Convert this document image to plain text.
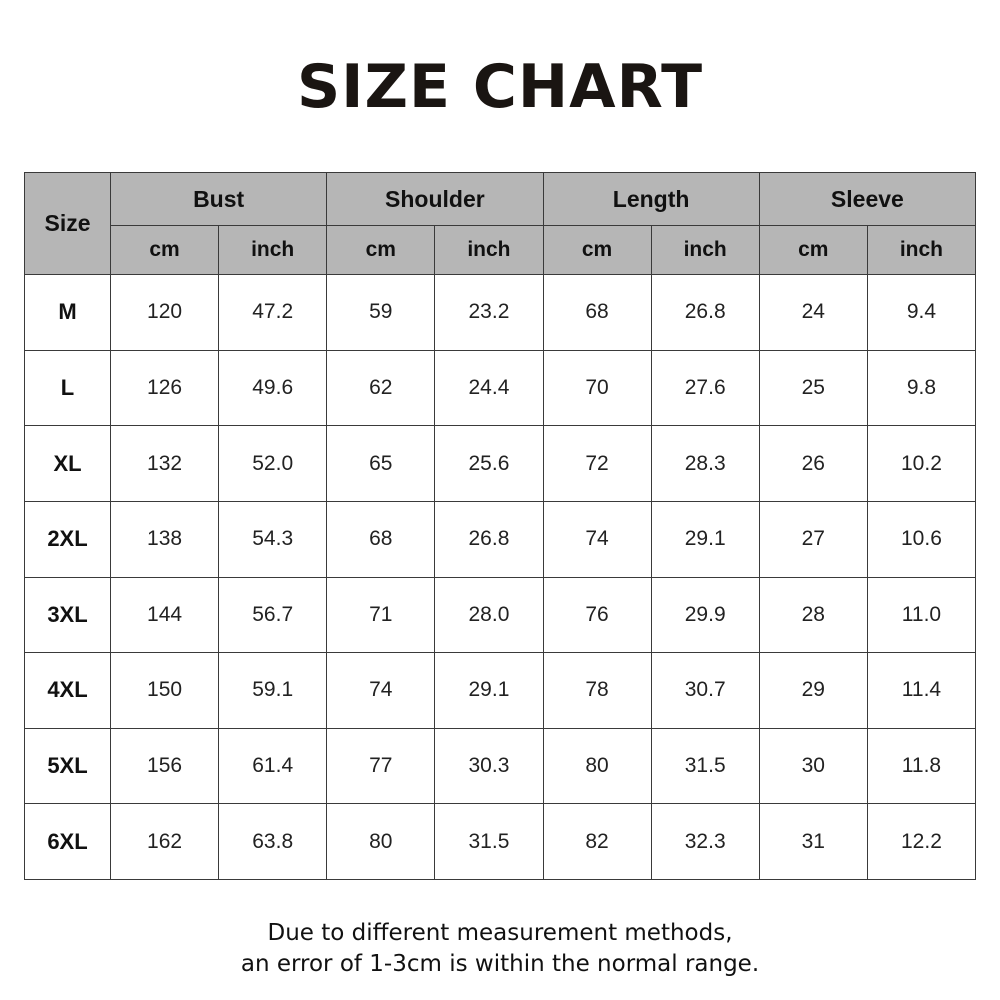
SIZE CHART
Size	Bust		Shoulder		Length		Sleeve	
	cm	inch	cm	inch	cm	inch	cm	inch
M	120	47.2	59	23.2	68	26.8	24	9.4
L	126	49.6	62	24.4	70	27.6	25	9.8
XL	132	52.0	65	25.6	72	28.3	26	10.2
2XL	138	54.3	68	26.8	74	29.1	27	10.6
3XL	144	56.7	71	28.0	76	29.9	28	11.0
4XL	150	59.1	74	29.1	78	30.7	29	11.4
5XL	156	61.4	77	30.3	80	31.5	30	11.8
6XL	162	63.8	80	31.5	82	32.3	31	12.2
Due to different measurement methods,
an error of 1-3cm is within the normal range.
